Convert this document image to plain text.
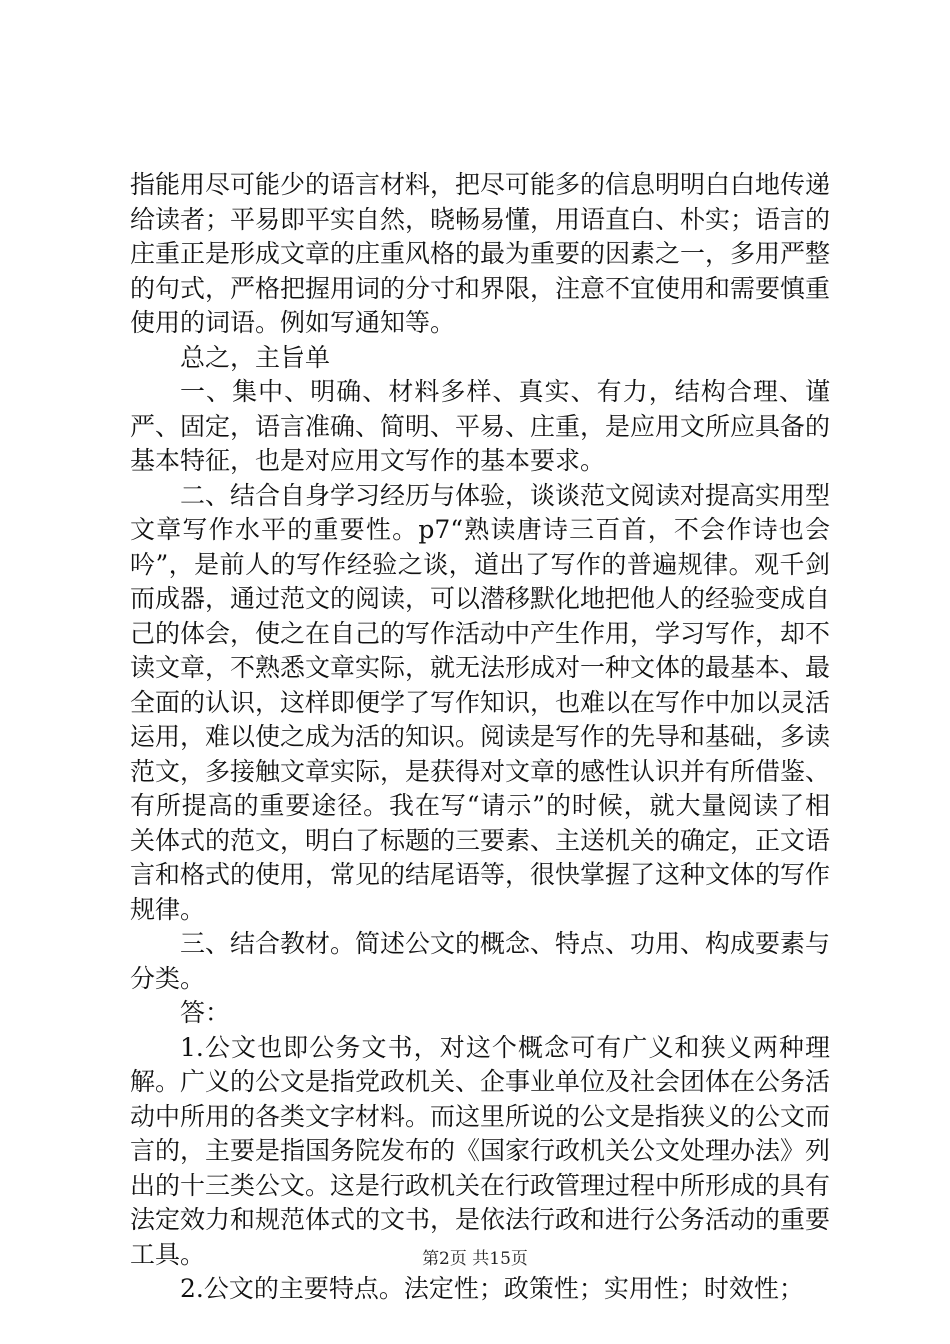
指能用尽可能少的语言材料，把尽可能多的信息明明白白地传递给读者；平易即平实自然，晓畅易懂，用语直白、朴实；语言的庄重正是形成文章的庄重风格的最为重要的因素之一，多用严整的句式，严格把握用词的分寸和界限，注意不宜使用和需要慎重使用的词语。例如写通知等。

总之，主旨单

一、集中、明确、材料多样、真实、有力，结构合理、谨严、固定，语言准确、简明、平易、庄重，是应用文所应具备的基本特征，也是对应用文写作的基本要求。

二、结合自身学习经历与体验，谈谈范文阅读对提高实用型文章写作水平的重要性。p7“熟读唐诗三百首，不会作诗也会吟”，是前人的写作经验之谈，道出了写作的普遍规律。观千剑而成器，通过范文的阅读，可以潜移默化地把他人的经验变成自己的体会，使之在自己的写作活动中产生作用，学习写作，却不读文章，不熟悉文章实际，就无法形成对一种文体的最基本、最全面的认识，这样即便学了写作知识，也难以在写作中加以灵活运用，难以使之成为活的知识。阅读是写作的先导和基础，多读范文，多接触文章实际，是获得对文章的感性认识并有所借鉴、有所提高的重要途径。我在写“请示”的时候，就大量阅读了相关体式的范文，明白了标题的三要素、主送机关的确定，正文语言和格式的使用，常见的结尾语等，很快掌握了这种文体的写作规律。

三、结合教材。简述公文的概念、特点、功用、构成要素与分类。

答：

1.公文也即公务文书，对这个概念可有广义和狭义两种理解。广义的公文是指党政机关、企事业单位及社会团体在公务活动中所用的各类文字材料。而这里所说的公文是指狭义的公文而言的，主要是指国务院发布的《国家行政机关公文处理办法》列出的十三类公文。这是行政机关在行政管理过程中所形成的具有法定效力和规范体式的文书，是依法行政和进行公务活动的重要工具。

2.公文的主要特点。法定性；政策性；实用性；时效性；

第2页 共15页
